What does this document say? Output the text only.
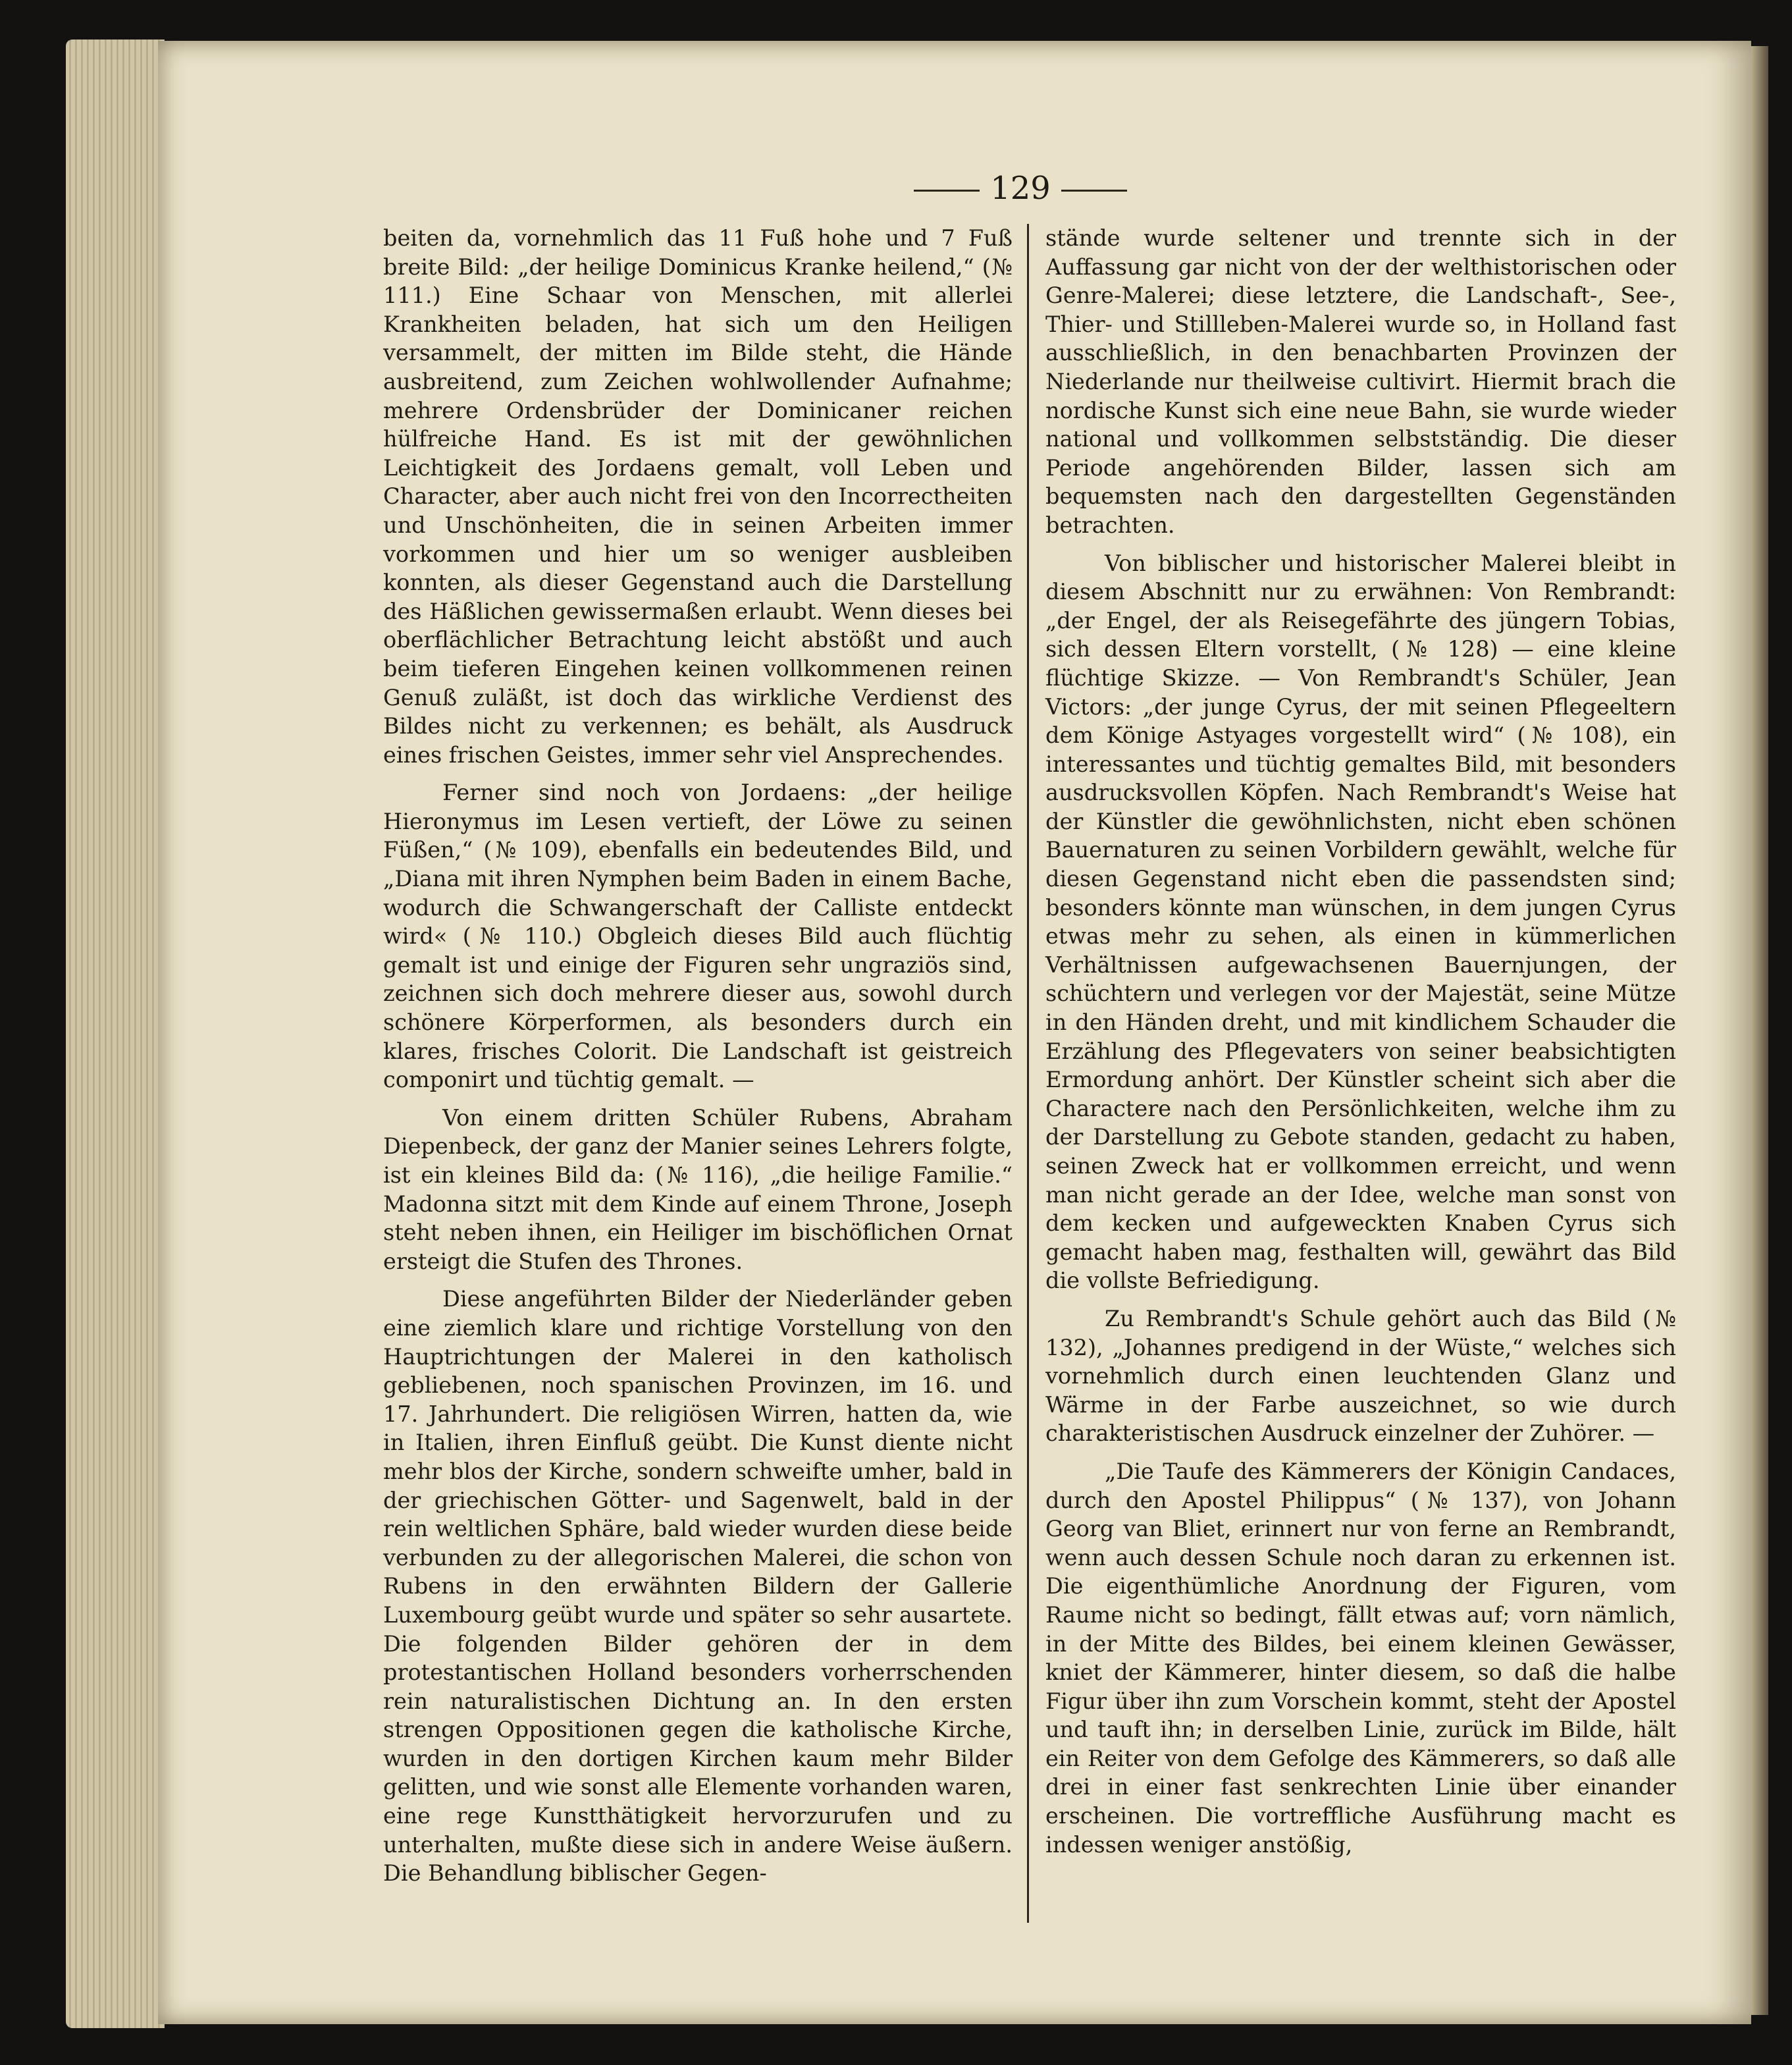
129

beiten da, vornehmlich das 11 Fuß hohe und 7 Fuß breite Bild: „der heilige Dominicus Kranke heilend,“ (№ 111.) Eine Schaar von Menschen, mit allerlei Krankheiten beladen, hat sich um den Heiligen versammelt, der mitten im Bilde steht, die Hände ausbreitend, zum Zeichen wohlwollender Aufnahme; mehrere Ordensbrüder der Dominicaner reichen hülfreiche Hand. Es ist mit der gewöhnlichen Leichtigkeit des Jordaens gemalt, voll Leben und Character, aber auch nicht frei von den Incorrectheiten und Unschönheiten, die in seinen Arbeiten immer vorkommen und hier um so weniger ausbleiben konnten, als dieser Gegenstand auch die Darstellung des Häßlichen gewissermaßen erlaubt. Wenn dieses bei oberflächlicher Betrachtung leicht abstößt und auch beim tieferen Eingehen keinen vollkommenen reinen Genuß zuläßt, ist doch das wirkliche Verdienst des Bildes nicht zu verkennen; es behält, als Ausdruck eines frischen Geistes, immer sehr viel Ansprechendes.

Ferner sind noch von Jordaens: „der heilige Hieronymus im Lesen vertieft, der Löwe zu seinen Füßen,“ (№ 109), ebenfalls ein bedeutendes Bild, und „Diana mit ihren Nymphen beim Baden in einem Bache, wodurch die Schwangerschaft der Calliste entdeckt wird« (№ 110.) Obgleich dieses Bild auch flüchtig gemalt ist und einige der Figuren sehr ungraziös sind, zeichnen sich doch mehrere dieser aus, sowohl durch schönere Körperformen, als besonders durch ein klares, frisches Colorit. Die Landschaft ist geistreich componirt und tüchtig gemalt. —

Von einem dritten Schüler Rubens, Abraham Diepenbeck, der ganz der Manier seines Lehrers folgte, ist ein kleines Bild da: (№ 116), „die heilige Familie.“ Madonna sitzt mit dem Kinde auf einem Throne, Joseph steht neben ihnen, ein Heiliger im bischöflichen Ornat ersteigt die Stufen des Thrones.

Diese angeführten Bilder der Niederländer geben eine ziemlich klare und richtige Vorstellung von den Hauptrichtungen der Malerei in den katholisch gebliebenen, noch spanischen Provinzen, im 16. und 17. Jahrhundert. Die religiösen Wirren, hatten da, wie in Italien, ihren Einfluß geübt. Die Kunst diente nicht mehr blos der Kirche, sondern schweifte umher, bald in der griechischen Götter- und Sagenwelt, bald in der rein weltlichen Sphäre, bald wieder wurden diese beide verbunden zu der allegorischen Malerei, die schon von Rubens in den erwähnten Bildern der Gallerie Luxembourg geübt wurde und später so sehr ausartete. Die folgenden Bilder gehören der in dem protestantischen Holland besonders vorherrschenden rein naturalistischen Dichtung an. In den ersten strengen Oppositionen gegen die katholische Kirche, wurden in den dortigen Kirchen kaum mehr Bilder gelitten, und wie sonst alle Elemente vorhanden waren, eine rege Kunstthätigkeit hervorzurufen und zu unterhalten, mußte diese sich in andere Weise äußern. Die Behandlung biblischer Gegen-

stände wurde seltener und trennte sich in der Auffassung gar nicht von der der welthistorischen oder Genre-Malerei; diese letztere, die Landschaft-, See-, Thier- und Stillleben-Malerei wurde so, in Holland fast ausschließlich, in den benachbarten Provinzen der Niederlande nur theilweise cultivirt. Hiermit brach die nordische Kunst sich eine neue Bahn, sie wurde wieder national und vollkommen selbstständig. Die dieser Periode angehörenden Bilder, lassen sich am bequemsten nach den dargestellten Gegenständen betrachten.

Von biblischer und historischer Malerei bleibt in diesem Abschnitt nur zu erwähnen: Von Rembrandt: „der Engel, der als Reisegefährte des jüngern Tobias, sich dessen Eltern vorstellt, (№ 128) — eine kleine flüchtige Skizze. — Von Rembrandt's Schüler, Jean Victors: „der junge Cyrus, der mit seinen Pflegeeltern dem Könige Astyages vorgestellt wird“ (№ 108), ein interessantes und tüchtig gemaltes Bild, mit besonders ausdrucksvollen Köpfen. Nach Rembrandt's Weise hat der Künstler die gewöhnlichsten, nicht eben schönen Bauernaturen zu seinen Vorbildern gewählt, welche für diesen Gegenstand nicht eben die passendsten sind; besonders könnte man wünschen, in dem jungen Cyrus etwas mehr zu sehen, als einen in kümmerlichen Verhältnissen aufgewachsenen Bauernjungen, der schüchtern und verlegen vor der Majestät, seine Mütze in den Händen dreht, und mit kindlichem Schauder die Erzählung des Pflegevaters von seiner beabsichtigten Ermordung anhört. Der Künstler scheint sich aber die Charactere nach den Persönlichkeiten, welche ihm zu der Darstellung zu Gebote standen, gedacht zu haben, seinen Zweck hat er vollkommen erreicht, und wenn man nicht gerade an der Idee, welche man sonst von dem kecken und aufgeweckten Knaben Cyrus sich gemacht haben mag, festhalten will, gewährt das Bild die vollste Befriedigung.

Zu Rembrandt's Schule gehört auch das Bild (№ 132), „Johannes predigend in der Wüste,“ welches sich vornehmlich durch einen leuchtenden Glanz und Wärme in der Farbe auszeichnet, so wie durch charakteristischen Ausdruck einzelner der Zuhörer. —

„Die Taufe des Kämmerers der Königin Candaces, durch den Apostel Philippus“ (№ 137), von Johann Georg van Bliet, erinnert nur von ferne an Rembrandt, wenn auch dessen Schule noch daran zu erkennen ist. Die eigenthümliche Anordnung der Figuren, vom Raume nicht so bedingt, fällt etwas auf; vorn nämlich, in der Mitte des Bildes, bei einem kleinen Gewässer, kniet der Kämmerer, hinter diesem, so daß die halbe Figur über ihn zum Vorschein kommt, steht der Apostel und tauft ihn; in derselben Linie, zurück im Bilde, hält ein Reiter von dem Gefolge des Kämmerers, so daß alle drei in einer fast senkrechten Linie über einander erscheinen. Die vortreffliche Ausführung macht es indessen weniger anstößig,
